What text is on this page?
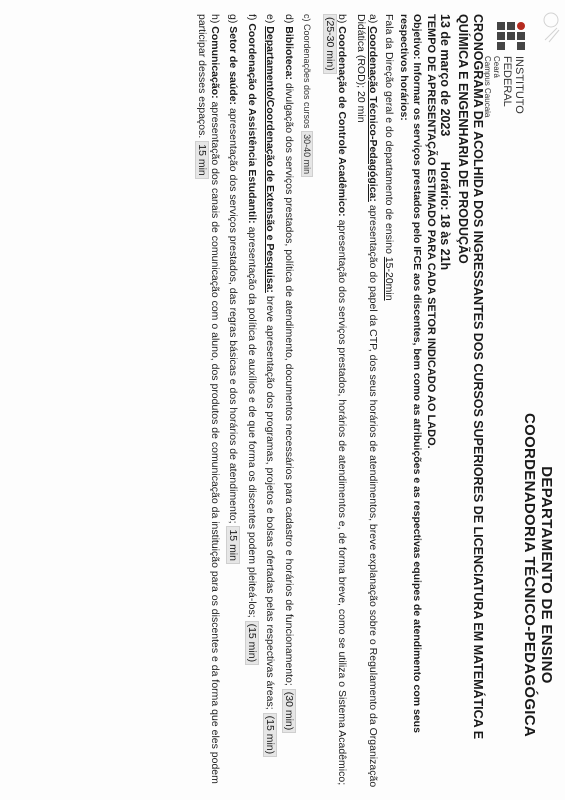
INSTITUTO FEDERAL
Ceará
Campus Caucaia
DEPARTAMENTO DE ENSINO
COORDENADORIA TÉCNICO-PEDAGÓGICA
CRONOGRAMA DE ACOLHIDA DOS INGRESSANTES DOS CURSOS SUPERIORES DE LICENCIATURA EM MATEMÁTICA E QUÍMICA E ENGENHARIA DE PRODUÇÃO
13 de março de 2023 Horário: 18 às 21h
TEMPO DE APRESENTAÇÃO ESTIMADO PARA CADA SETOR INDICADO AO LADO.

Objetivo: Informar os serviços prestados pelo IFCE aos discentes, bem como as atribuições e as respectivas equipes de atendimento com seus respectivos horários:

Fala da Direção geral e do departamento de ensino 15-20min

a) Coordenação Técnico-Pedagógica: apresentação do papel da CTP, dos seus horários de atendimentos, breve explanação sobre o Regulamento da Organização Didática (ROD); 20 min

b) Coordenação de Controle Acadêmico: apresentação dos serviços prestados, horários de atendimentos e, de forma breve, como se utiliza o Sistema Acadêmico; (25-30 min)

c) Coordenações dos cursos 30-40 min

d) Biblioteca: divulgação dos serviços prestados, política de atendimento, documentos necessários para cadastro e horários de funcionamento; (30 min)

e) Departamento/Coordenação de Extensão e Pesquisa: breve apresentação dos programas, projetos e bolsas ofertadas pelas respectivas áreas; (15 min)

f) Coordenação de Assistência Estudantil: apresentação da política de auxílios e de que forma os discentes podem pleiteá-los; (15 min)

g) Setor de saúde: apresentação dos serviços prestados, das regras básicas e dos horários de atendimento; 15 min

h) Comunicação: apresentação dos canais de comunicação com o aluno, dos produtos de comunicação da instituição para os discentes e da forma que eles podem participar desses espaços. 15 min
